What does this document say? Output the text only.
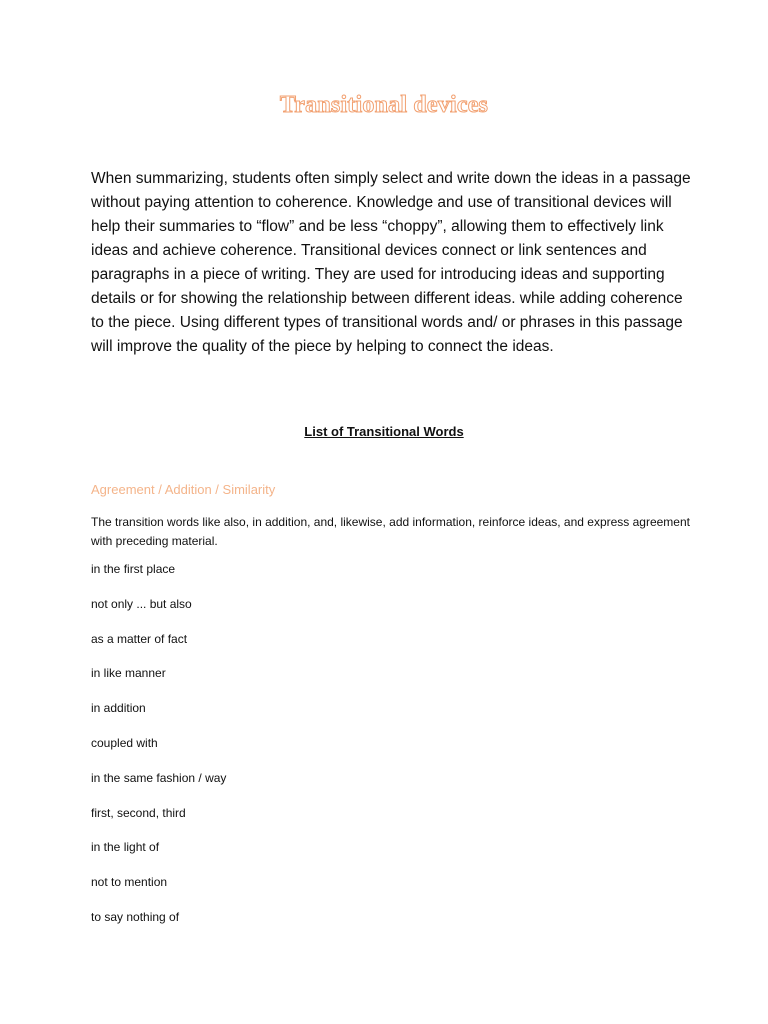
Transitional devices

When summarizing, students often simply select and write down the ideas in a passage without paying attention to coherence. Knowledge and use of transitional devices will help their summaries to “flow” and be less “choppy”, allowing them to effectively link ideas and achieve coherence. Transitional devices connect or link sentences and paragraphs in a piece of writing. They are used for introducing ideas and supporting details or for showing the relationship between different ideas. while adding coherence to the piece. Using different types of transitional words and/ or phrases in this passage will improve the quality of the piece by helping to connect the ideas.

List of Transitional Words

Agreement / Addition / Similarity

The transition words like also, in addition, and, likewise, add information, reinforce ideas, and express agreement with preceding material.

in the first place
not only ... but also
as a matter of fact
in like manner
in addition
coupled with
in the same fashion / way
first, second, third
in the light of
not to mention
to say nothing of
